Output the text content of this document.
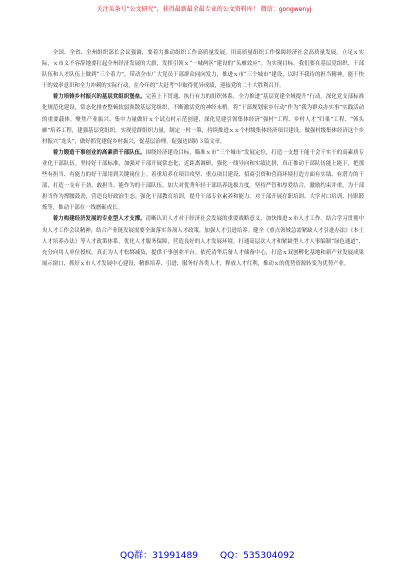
关注头条号“公文研究”，获得最新最全最专业的公文资料库！ 微信：gongwenyj

全国、全省、全州组织部长会议强调，要着力推动组织工作高质量发展，用高质量组织工作保障经济社会高质量发展。立足ｘ实际，ｘ市义不容辞地要扛起全州经济发展的大旗，发挥引领ｘ“一城两区”建设的“头雁效应”。为实现目标，我们要在基层党组织、干部队伍和人才队伍上做到“三个着力”，带动全市广大党员干部群众同向发力，推进ｘ市“三个城市”建设，以时不我待的担当精神，能干快干的效率意识和全力冲刺的实际行动，在今年的“大赶考”中取得优异成绩，迎接党的二十大胜利召开。

着力培铸乡村振兴的基层党组织堡垒。完善上下贯通、执行有力的组织体系，全力推进“基层党建全域提升”行动，深化党支部标准化规范化建设，常态化排查整顿软弱涣散基层党组织，不断激活党的神经末梢。将“干部规划家乡行动”作为“我为群众办实事”实践活动的重要载体，聚焦产业振兴，集中力量做好ｘ个试点村示范创建，深化党建引领集体经济“强村”工程、乡村人才“归巢”工程、“领头雁”培养工程，建强基层党组织。实现党群组织力量，制定一村一策，持续推进ｘｘ个村级集体经济项目建设，做强村级集体经济这个乡村振兴“龙头”，做好抓党建促乡村振兴，促基层治理，促强边固防３篇文章。

着力锻造干事创业的高素质干部队伍。围绕经济建设目标，瞄准ｘ市“三个城市”发展定位，打造一支想干能干会干实干的高素质专业化干部队伍。坚持好干部标准，加强对干部开展常态化、近距离调研，强化一线导向和实绩比拼，真正推动干部队伍能上能下，把那些有担当、有能力的好干部用到关键岗位上。着重培养在项目攻坚、重点项目建设、招商引资和营商环境打造方面有实绩、有潜力的干部，打造一支有干劲、敢担当、能作为的干部队伍，加大对优秀年轻干部培养选拔力度。坚持严管和厚爱结合，激励约束并重，为干部担当作为撑腰鼓劲，营造良好政治生态。强化干部教育培训，提升干部专业素养和能力。对干部开展在职培训、大学对口培训、挂职锻炼等，推动干部在一线磨砺成长。

着力构建经济发展的专业型人才支撑。清晰认识人才对于经济社会发展的重要战略意义，加快推进ｘ市人才工作。结合学习贯彻中央人才工作会议精神，结合产业链发展需要全面落实各项人才政策，加强人才引进培养。健全《重点领域急需紧缺人才引进办法》《本土人才培养办法》等人才政策体系，优化人才服务保障，营造良好的人才发展环境。打通高层次人才和紧缺型人才人事编制“绿色通道”，充分向用人单位授权，真正为人才松绑减负，提供干事创业平台。依托清华后备人才储备中心，打造ｘ双创孵化基地和新产业发展成果展示窗口，抓好ｘ市人才发展中心建设，精准培养、引进、服务好各类人才，释放人才红利，推动ｘ的优势资源转变为优势产业。

QQ群：31991489 QQ：535304092
